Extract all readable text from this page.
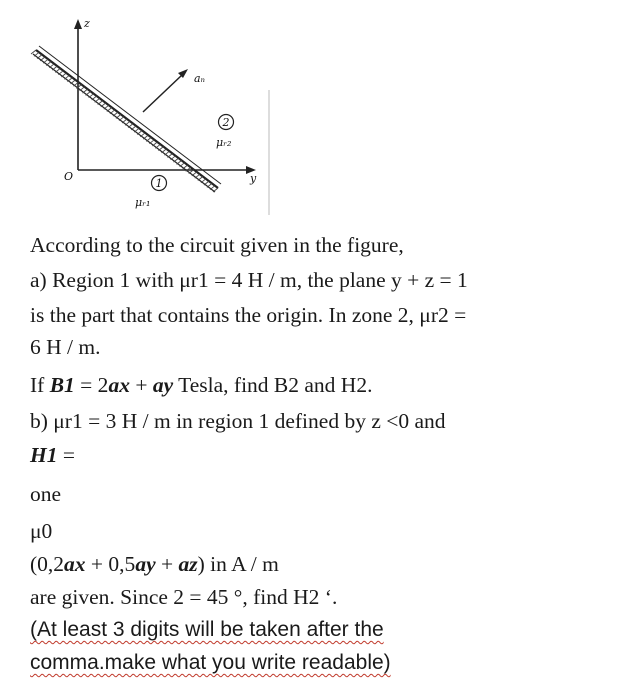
z
y
O
aₙ
2
μᵣ₂
1
μᵣ₁
According to the circuit given in the figure,
a) Region 1 with μr1 = 4 H / m, the plane y + z = 1
is the part that contains the origin. In zone 2, μr2 =
6 H / m.
If B1 = 2ax + ay Tesla, find B2 and H2.
b) μr1 = 3 H / m in region 1 defined by z <0 and
H1 =
one
μ0
(0,2ax + 0,5ay + az) in A / m
are given. Since 2 = 45 °, find H2 ‘.
(At least 3 digits will be taken after the
comma.make what you write readable)
